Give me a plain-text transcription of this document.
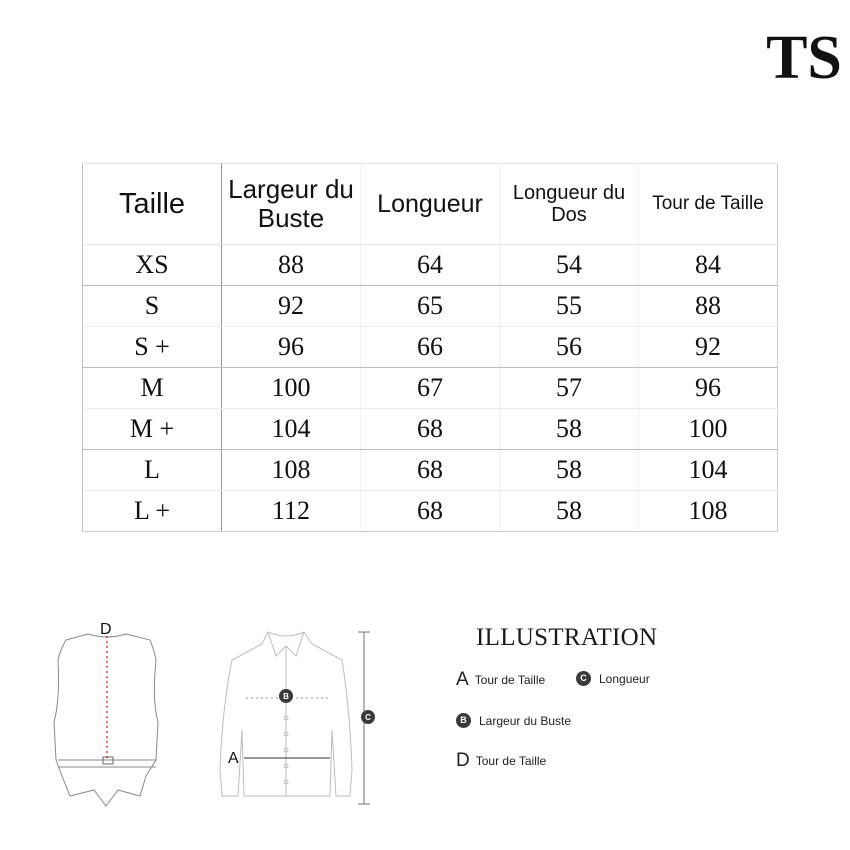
TS
Taille	Largeur du Buste	Longueur	Longueur du Dos	Tour de Taille
XS	88	64	54	84
S	92	65	55	88
S +	96	66	56	92
M	100	67	57	96
M +	104	68	58	100
L	108	68	58	104
L +	112	68	58	108
D
A
B
C
ILLUSTRATION
A Tour de Taille	C	Longueur
B	Largeur du Buste
D Tour de Taille
